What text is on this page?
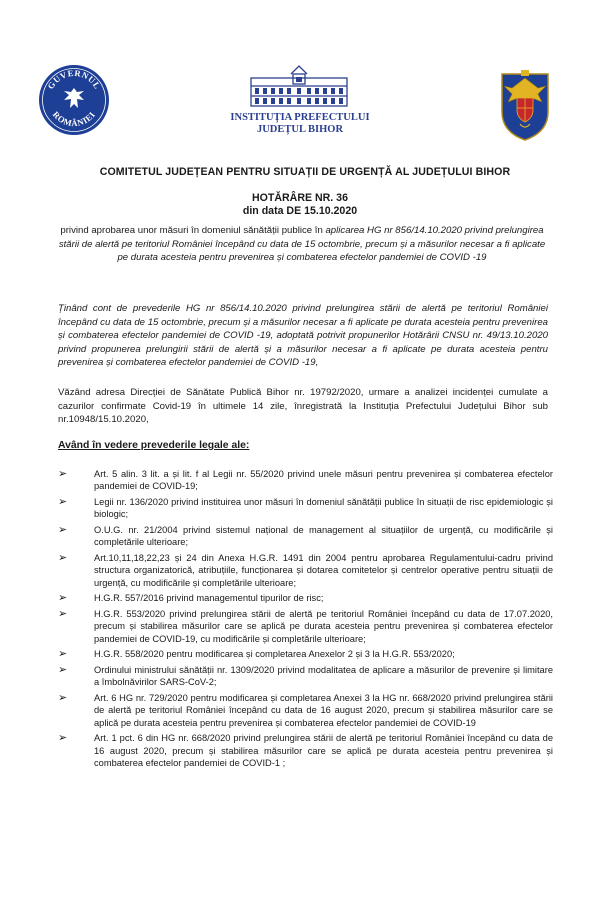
GUVERNUL
ROMÂNIEI	INSTITUȚIA PREFECTULUI
JUDEȚUL BIHOR
COMITETUL JUDEȚEAN PENTRU SITUAȚII DE URGENȚĂ AL JUDEȚULUI BIHOR
HOTĂRÂRE NR. 36
din data DE 15.10.2020
privind aprobarea unor măsuri în domeniul sănătății publice în aplicarea HG nr 856/14.10.2020 privind prelungirea stării de alertă pe teritoriul României începând cu data de 15 octombrie, precum și a măsurilor necesar a fi aplicate pe durata acesteia pentru prevenirea și combaterea efectelor pandemiei de COVID -19
Ținând cont de prevederile HG nr 856/14.10.2020 privind prelungirea stării de alertă pe teritoriul României începând cu data de 15 octombrie, precum și a măsurilor necesar a fi aplicate pe durata acesteia pentru prevenirea și combaterea efectelor pandemiei de COVID -19, adoptată potrivit propunerilor Hotărârii CNSU nr. 49/13.10.2020 privind propunerea prelungirii stării de alertă și a măsurilor necesar a fi aplicate pe durata acesteia pentru prevenirea și combaterea efectelor pandemiei de COVID -19,
Văzând adresa Direcției de Sănătate Publică Bihor nr. 19792/2020, urmare a analizei incidenței cumulate a cazurilor confirmate Covid-19 în ultimele 14 zile, înregistrată la Instituția Prefectului Județului Bihor sub nr.10948/15.10.2020,
Având în vedere prevederile legale ale:
➢	Art. 5 alin. 3 lit. a și lit. f al Legii nr. 55/2020 privind unele măsuri pentru prevenirea și combaterea efectelor pandemiei de COVID-19;
➢	Legii nr. 136/2020 privind instituirea unor măsuri în domeniul sănătății publice în situații de risc epidemiologic și biologic;
➢	O.U.G. nr. 21/2004 privind sistemul național de management al situațiilor de urgență, cu modificările și completările ulterioare;
➢	Art.10,11,18,22,23 și 24 din Anexa H.G.R. 1491 din 2004 pentru aprobarea Regulamentului-cadru privind structura organizatorică, atribuțiile, funcționarea și dotarea comitetelor și centrelor operative pentru situații de urgență, cu modificările și completările ulterioare;
➢	H.G.R. 557/2016 privind managementul tipurilor de risc;
➢	H.G.R. 553/2020 privind prelungirea stării de alertă pe teritoriul României începând cu data de 17.07.2020, precum și stabilirea măsurilor care se aplică pe durata acesteia pentru prevenirea și combaterea efectelor pandemiei de COVID-19, cu modificările și completările ulterioare;
➢	H.G.R. 558/2020 pentru modificarea și completarea Anexelor 2 și 3 la H.G.R. 553/2020;
➢	Ordinului ministrului sănătății nr. 1309/2020 privind modalitatea de aplicare a măsurilor de prevenire și limitare a îmbolnăvirilor SARS-CoV-2;
➢	Art. 6 HG nr. 729/2020 pentru modificarea și completarea Anexei 3 la HG nr. 668/2020 privind prelungirea stării de alertă pe teritoriul României începând cu data de 16 august 2020, precum și stabilirea măsurilor care se aplică pe durata acesteia pentru prevenirea și combaterea efectelor pandemiei de COVID-19
➢	Art. 1 pct. 6 din HG nr. 668/2020 privind prelungirea stării de alertă pe teritoriul României începând cu data de 16 august 2020, precum și stabilirea măsurilor care se aplică pe durata acesteia pentru prevenirea și combaterea efectelor pandemiei de COVID-1 ;
